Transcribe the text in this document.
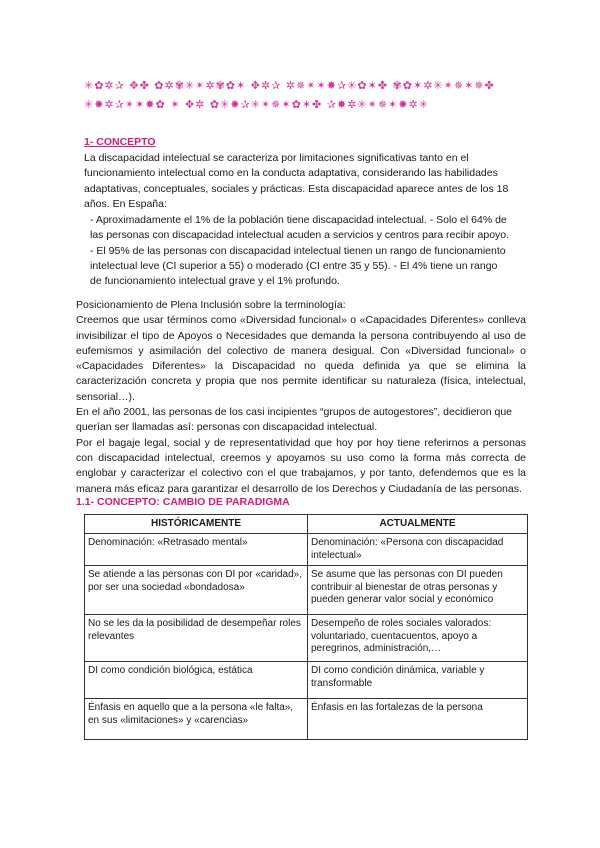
✳✿✲✰ ✥✤ ✿✲✾✳✴✲✾✿✶ ✥✲✰ ✲✵✴✶✸✰✳✿✶✤ ✾✿✶✲✳✴✵✶✵✤
✳✸✲✰✴✶✸✿ ✶ ✥✲ ✿✳✸✰✳✴✵✶✿✶✤ ✰✸✲✳✴✵✶✸✲✳
1- CONCEPTO
La discapacidad intelectual se caracteriza por limitaciones significativas tanto en el funcionamiento intelectual como en la conducta adaptativa, considerando las habilidades adaptativas, conceptuales, sociales y prácticas. Esta discapacidad aparece antes de los 18 años. En España:
- Aproximadamente el 1% de la población tiene discapacidad intelectual. - Solo el 64% de las personas con discapacidad intelectual acuden a servicios y centros para recibir apoyo.
- El 95% de las personas con discapacidad intelectual tienen un rango de funcionamiento intelectual leve (CI superior a 55) o moderado (CI entre 35 y 55). - El 4% tiene un rango de funcionamiento intelectual grave y el 1% profundo.
Posicionamiento de Plena Inclusión sobre la terminología:
Creemos que usar términos como «Diversidad funcional» o «Capacidades Diferentes» conlleva invisibilizar el tipo de Apoyos o Necesidades que demanda la persona contribuyendo al uso de eufemismos y asimilación del colectivo de manera desigual. Con «Diversidad funcional» o «Capacidades Diferentes» la Discapacidad no queda definida ya que se elimina la caracterización concreta y propia que nos permite identificar su naturaleza (física, intelectual, sensorial…).
En el año 2001, las personas de los casi incipientes “grupos de autogestores”, decidieron que querían ser llamadas así: personas con discapacidad intelectual.
Por el bagaje legal, social y de representatividad que hoy por hoy tiene referirnos a personas con discapacidad intelectual, creemos y apoyamos su uso como la forma más correcta de englobar y caracterizar el colectivo con el que trabajamos, y por tanto, defendemos que es la manera más eficaz para garantizar el desarrollo de los Derechos y Ciudadanía de las personas.
1.1- CONCEPTO: CAMBIO DE PARADIGMA
HISTÓRICAMENTE	ACTUALMENTE
Denominación: «Retrasado mental»	Denominación: «Persona con discapacidad intelectual»
Se atiende a las personas con DI por «caridad», por ser una sociedad «bondadosa»	Se asume que las personas con DI pueden contribuir al bienestar de otras personas y pueden generar valor social y económico
No se les da la posibilidad de desempeñar roles relevantes	Desempeño de roles sociales valorados: voluntariado, cuentacuentos, apoyo a peregrinos, administración,…
DI como condición biológica, estática	DI como condición dinámica, variable y transformable
Énfasis en aquello que a la persona «le falta», en sus «limitaciones» y «carencias»	Énfasis en las fortalezas de la persona
